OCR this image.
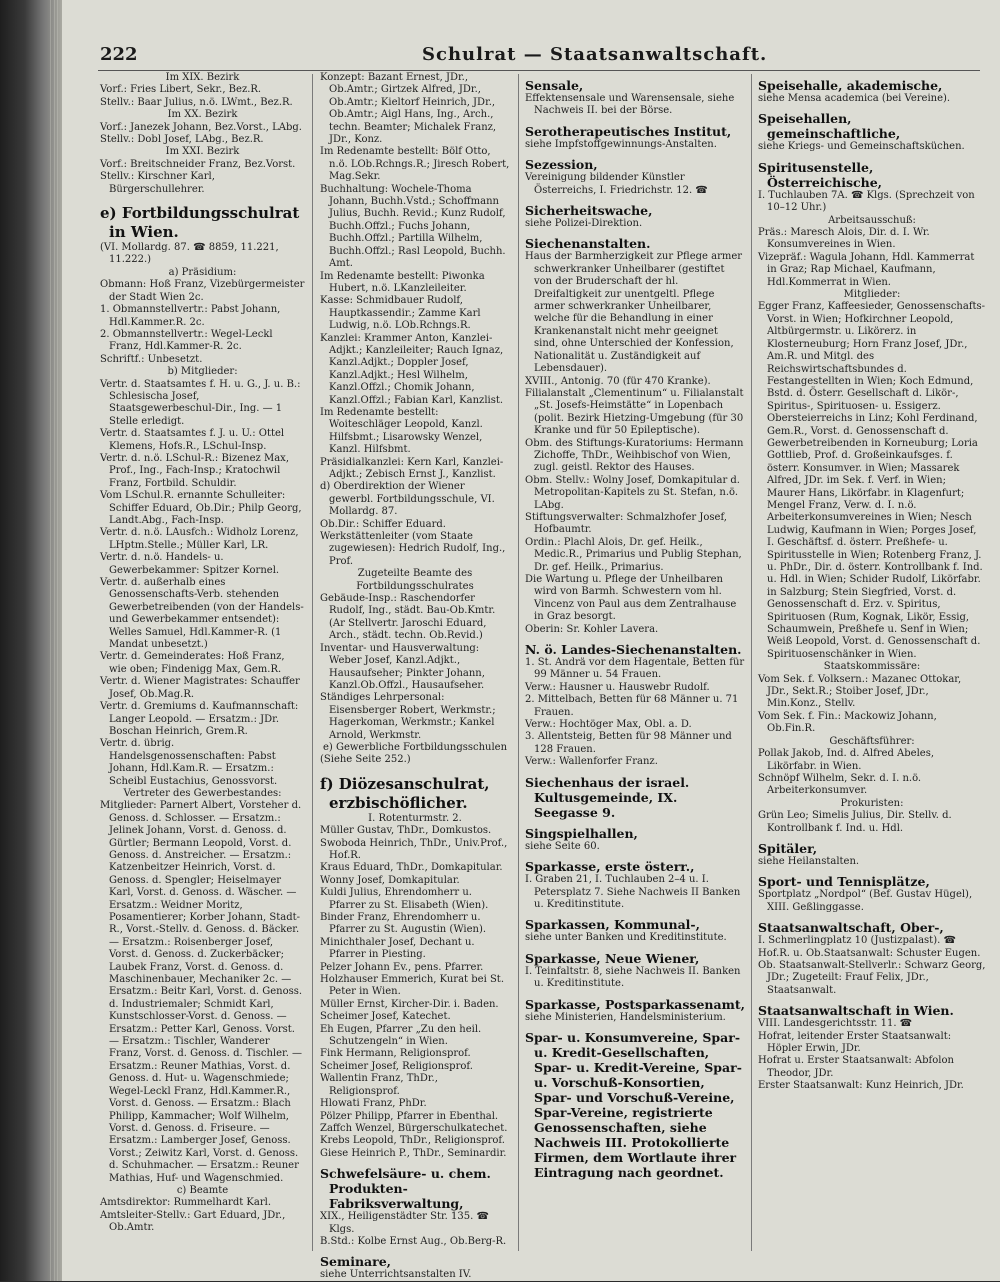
222	Schulrat — Staatsanwaltschaft.

Im XIX. Bezirk

Vorf.: Fries Libert, Sekr., Bez.R.

Stellv.: Baar Julius, n.ö. LWmt., Bez.R.

Im XX. Bezirk

Vorf.: Janezek Johann, Bez.Vorst., LAbg.

Stellv.: Dobl Josef, LAbg., Bez.R.

Im XXI. Bezirk

Vorf.: Breitschneider Franz, Bez.Vorst.

Stellv.: Kirschner Karl, Bürgerschullehrer.

e) Fortbildungsschulrat in Wien.

(VI. Mollardg. 87. ☎ 8859, 11.221, 11.222.)

a) Präsidium:

Obmann: Hoß Franz, Vizebürgermeister der Stadt Wien 2c.

1. Obmannstellvertr.: Pabst Johann, Hdl.Kammer.R. 2c.

2. Obmannstellvertr.: Wegel-Leckl Franz, Hdl.Kammer-R. 2c.

Schriftf.: Unbesetzt.

b) Mitglieder:

Vertr. d. Staatsamtes f. H. u. G., J. u. B.: Schlesischa Josef, Staatsgewerbeschul-Dir., Ing. — 1 Stelle erledigt.

Vertr. d. Staatsamtes f. J. u. U.: Ottel Klemens, Hofs.R., LSchul-Insp.

Vertr. d. n.ö. LSchul-R.: Bizenez Max, Prof., Ing., Fach-Insp.; Kratochwil Franz, Fortbild. Schuldir.

Vom LSchul.R. ernannte Schulleiter: Schiffer Eduard, Ob.Dir.; Philp Georg, Landt.Abg., Fach-Insp.

Vertr. d. n.ö. LAusfch.: Widholz Lorenz, LHptm.Stelle.; Müller Karl, LR.

Vertr. d. n.ö. Handels- u. Gewerbekammer: Spitzer Kornel.

Vertr. d. außerhalb eines Genossenschafts-Verb. stehenden Gewerbetreibenden (von der Handels- und Gewerbekammer entsendet): Welles Samuel, Hdl.Kammer-R. (1 Mandat unbesetzt.)

Vertr. d. Gemeinderates: Hoß Franz, wie oben; Findenigg Max, Gem.R.

Vertr. d. Wiener Magistrates: Schauffer Josef, Ob.Mag.R.

Vertr. d. Gremiums d. Kaufmannschaft: Langer Leopold. — Ersatzm.: JDr. Boschan Heinrich, Grem.R.

Vertr. d. übrig. Handelsgenossenschaften: Pabst Johann, Hdl.Kam.R. — Ersatzm.: Scheibl Eustachius, Genossvorst.

Vertreter des Gewerbestandes:

Mitglieder: Parnert Albert, Vorsteher d. Genoss. d. Schlosser. — Ersatzm.: Jelinek Johann, Vorst. d. Genoss. d. Gürtler; Bermann Leopold, Vorst. d. Genoss. d. Anstreicher. — Ersatzm.: Katzenbeitzer Heinrich, Vorst. d. Genoss. d. Spengler; Heiselmayer Karl, Vorst. d. Genoss. d. Wäscher. — Ersatzm.: Weidner Moritz, Posamentierer; Korber Johann, Stadt-R., Vorst.-Stellv. d. Genoss. d. Bäcker. — Ersatzm.: Roisenberger Josef, Vorst. d. Genoss. d. Zuckerbäcker; Laubek Franz, Vorst. d. Genoss. d. Maschinenbauer, Mechaniker 2c. — Ersatzm.: Beitr Karl, Vorst. d. Genoss. d. Industriemaler; Schmidt Karl, Kunstschlosser-Vorst. d. Genoss. — Ersatzm.: Petter Karl, Genoss. Vorst. — Ersatzm.: Tischler, Wanderer Franz, Vorst. d. Genoss. d. Tischler. — Ersatzm.: Reuner Mathias, Vorst. d. Genoss. d. Hut- u. Wagenschmiede; Wegel-Leckl Franz, Hdl.Kammer.R., Vorst. d. Genoss. — Ersatzm.: Blach Philipp, Kammacher; Wolf Wilhelm, Vorst. d. Genoss. d. Friseure. — Ersatzm.: Lamberger Josef, Genoss. Vorst.; Zeiwitz Karl, Vorst. d. Genoss. d. Schuhmacher. — Ersatzm.: Reuner Mathias, Huf- und Wagenschmied.

c) Beamte

Amtsdirektor: Rummelhardt Karl.

Amtsleiter-Stellv.: Gart Eduard, JDr., Ob.Amtr.

Konzept: Bazant Ernest, JDr., Ob.Amtr.; Girtzek Alfred, JDr., Ob.Amtr.; Kieltorf Heinrich, JDr., Ob.Amtr.; Aigl Hans, Ing., Arch., techn. Beamter; Michalek Franz, JDr., Konz.

Im Redenamte bestellt: Bölf Otto, n.ö. LOb.Rchngs.R.; Jiresch Robert, Mag.Sekr.

Buchhaltung: Wochele-Thoma Johann, Buchh.Vstd.; Schoffmann Julius, Buchh. Revid.; Kunz Rudolf, Buchh.Offzl.; Fuchs Johann, Buchh.Offzl.; Partilla Wilhelm, Buchh.Offzl.; Rasl Leopold, Buchh. Amt.

Im Redenamte bestellt: Piwonka Hubert, n.ö. LKanzleileiter.

Kasse: Schmidbauer Rudolf, Hauptkassendir.; Zamme Karl Ludwig, n.ö. LOb.Rchngs.R.

Kanzlei: Krammer Anton, Kanzlei-Adjkt.; Kanzleileiter; Rauch Ignaz, Kanzl.Adjkt.; Doppler Josef, Kanzl.Adjkt.; Hesl Wilhelm, Kanzl.Offzl.; Chomik Johann, Kanzl.Offzl.; Fabian Karl, Kanzlist.

Im Redenamte bestellt: Woiteschläger Leopold, Kanzl. Hilfsbmt.; Lisarowsky Wenzel, Kanzl. Hilfsbmt.

Präsidialkanzlei: Kern Karl, Kanzlei-Adjkt.; Zebisch Ernst J., Kanzlist.

d) Oberdirektion der Wiener gewerbl. Fortbildungsschule, VI. Mollardg. 87.

Ob.Dir.: Schiffer Eduard.

Werkstättenleiter (vom Staate zugewiesen): Hedrich Rudolf, Ing., Prof.

Zugeteilte Beamte des Fortbildungsschulrates

Gebäude-Insp.: Raschendorfer Rudolf, Ing., städt. Bau-Ob.Kmtr. (Ar Stellvertr. Jaroschi Eduard, Arch., städt. techn. Ob.Revid.)

Inventar- und Hausverwaltung: Weber Josef, Kanzl.Adjkt., Hausaufseher; Pinkter Johann, Kanzl.Ob.Offzl., Hausaufseher.

Ständiges Lehrpersonal: Eisensberger Robert, Werkmstr.; Hagerkoman, Werkmstr.; Kankel Arnold, Werkmstr.

e) Gewerbliche Fortbildungsschulen

(Siehe Seite 252.)

f) Diözesanschulrat, erzbischöflicher.

I. Rotenturmstr. 2.

Müller Gustav, ThDr., Domkustos.

Swoboda Heinrich, ThDr., Univ.Prof., Hof.R.

Kraus Eduard, ThDr., Domkapitular.

Wonny Josef, Domkapitular.

Kuldi Julius, Ehrendomherr u. Pfarrer zu St. Elisabeth (Wien).

Binder Franz, Ehrendomherr u. Pfarrer zu St. Augustin (Wien).

Minichthaler Josef, Dechant u. Pfarrer in Piesting.

Pelzer Johann Ev., pens. Pfarrer.

Holzhauser Emmerich, Kurat bei St. Peter in Wien.

Müller Ernst, Kircher-Dir. i. Baden.

Scheimer Josef, Katechet.

Eh Eugen, Pfarrer „Zu den heil. Schutzengeln“ in Wien.

Fink Hermann, Religionsprof.

Scheimer Josef, Religionsprof.

Wallentin Franz, ThDr., Religionsprof.

Hlowati Franz, PhDr.

Pölzer Philipp, Pfarrer in Ebenthal.

Zaffch Wenzel, Bürgerschulkatechet.

Krebs Leopold, ThDr., Religionsprof.

Giese Heinrich P., ThDr., Seminardir.

Schwefelsäure- u. chem. Produkten-Fabriksverwaltung,

XIX., Heiligenstädter Str. 135. ☎ Klgs.

B.Std.: Kolbe Ernst Aug., Ob.Berg-R.

Seminare,

siehe Unterrichtsanstalten IV.

Sensale,

Effektensensale und Warensensale, siehe Nachweis II. bei der Börse.

Serotherapeutisches Institut,

siehe Impfstoffgewinnungs-Anstalten.

Sezession,

Vereinigung bildender Künstler Österreichs, I. Friedrichstr. 12. ☎

Sicherheitswache,

siehe Polizei-Direktion.

Siechenanstalten.

Haus der Barmherzigkeit zur Pflege armer schwerkranker Unheilbarer (gestiftet von der Bruderschaft der hl. Dreifaltigkeit zur unentgeltl. Pflege armer schwerkranker Unheilbarer, welche für die Behandlung in einer Krankenanstalt nicht mehr geeignet sind, ohne Unterschied der Konfession, Nationalität u. Zuständigkeit auf Lebensdauer).

XVIII., Antonig. 70 (für 470 Kranke).

Filialanstalt „Clementinum“ u. Filialanstalt „St. Josefs-Heimstätte“ in Lopenbach (polit. Bezirk Hietzing-Umgebung (für 30 Kranke und für 50 Epileptische).

Obm. des Stiftungs-Kuratoriums: Hermann Zichoffe, ThDr., Weihbischof von Wien, zugl. geistl. Rektor des Hauses.

Obm. Stellv.: Wolny Josef, Domkapitular d. Metropolitan-Kapitels zu St. Stefan, n.ö. LAbg.

Stiftungsverwalter: Schmalzhofer Josef, Hofbaumtr.

Ordin.: Plachl Alois, Dr. gef. Heilk., Medic.R., Primarius und Publig Stephan, Dr. gef. Heilk., Primarius.

Die Wartung u. Pflege der Unheilbaren wird von Barmh. Schwestern vom hl. Vincenz von Paul aus dem Zentralhause in Graz besorgt.

Oberin: Sr. Kohler Lavera.

N. ö. Landes-Siechenanstalten.

1. St. Andrä vor dem Hagentale, Betten für 99 Männer u. 54 Frauen.

Verw.: Hausner u. Hauswebr Rudolf.

2. Mittelbach, Betten für 68 Männer u. 71 Frauen.

Verw.: Hochtöger Max, Obl. a. D.

3. Allentsteig, Betten für 98 Männer und 128 Frauen.

Verw.: Wallenforfer Franz.

Siechenhaus der israel. Kultusgemeinde, IX. Seegasse 9.

Singspielhallen,

siehe Seite 60.

Sparkasse, erste österr.,

I. Graben 21, I. Tuchlauben 2–4 u. I. Petersplatz 7. Siehe Nachweis II Banken u. Kreditinstitute.

Sparkassen, Kommunal-,

siehe unter Banken und Kreditinstitute.

Sparkasse, Neue Wiener,

I. Teinfaltstr. 8, siehe Nachweis II. Banken u. Kreditinstitute.

Sparkasse, Postsparkassenamt,

siehe Ministerien, Handelsministerium.

Spar- u. Konsumvereine, Spar- u. Kredit-Gesellschaften, Spar- u. Kredit-Vereine, Spar- u. Vorschuß-Konsortien, Spar- und Vorschuß-Vereine, Spar-Vereine, registrierte Genossenschaften, siehe Nachweis III. Protokollierte Firmen, dem Wortlaute ihrer Eintragung nach geordnet.

Speisehalle, akademische,

siehe Mensa academica (bei Vereine).

Speisehallen, gemeinschaftliche,

siehe Kriegs- und Gemeinschaftsküchen.

Spiritusenstelle, Österreichische,

I. Tuchlauben 7A. ☎ Klgs. (Sprechzeit von 10–12 Uhr.)

Arbeitsausschuß:

Präs.: Maresch Alois, Dir. d. I. Wr. Konsumvereines in Wien.

Vizepräf.: Wagula Johann, Hdl. Kammerrat in Graz; Rap Michael, Kaufmann, Hdl.Kommerrat in Wien.

Mitglieder:

Egger Franz, Kaffeesieder, Genossenschafts-Vorst. in Wien; Hofkirchner Leopold, Altbürgermstr. u. Likörerz. in Klosterneuburg; Horn Franz Josef, JDr., Am.R. und Mitgl. des Reichswirtschaftsbundes d. Festangestellten in Wien; Koch Edmund, Bstd. d. Österr. Gesellschaft d. Likör-, Spiritus-, Spirituosen- u. Essigerz. Obersteierreichs in Linz; Kohl Ferdinand, Gem.R., Vorst. d. Genossenschaft d. Gewerbetreibenden in Korneuburg; Loria Gottlieb, Prof. d. Großeinkaufsges. f. österr. Konsumver. in Wien; Massarek Alfred, JDr. im Sek. f. Verf. in Wien; Maurer Hans, Likörfabr. in Klagenfurt; Mengel Franz, Verw. d. I. n.ö. Arbeiterkonsumvereines in Wien; Nesch Ludwig, Kaufmann in Wien; Porges Josef, I. Geschäftsf. d. österr. Preßhefe- u. Spiritusstelle in Wien; Rotenberg Franz, J. u. PhDr., Dir. d. österr. Kontrollbank f. Ind. u. Hdl. in Wien; Schider Rudolf, Likörfabr. in Salzburg; Stein Siegfried, Vorst. d. Genossenschaft d. Erz. v. Spiritus, Spirituosen (Rum, Kognak, Likör, Essig, Schaumwein, Preßhefe u. Senf in Wien; Weiß Leopold, Vorst. d. Genossenschaft d. Spirituosenschänker in Wien.

Staatskommissäre:

Vom Sek. f. Volksern.: Mazanec Ottokar, JDr., Sekt.R.; Stoiber Josef, JDr., Min.Konz., Stellv.

Vom Sek. f. Fin.: Mackowiz Johann, Ob.Fin.R.

Geschäftsführer:

Pollak Jakob, Ind. d. Alfred Abeles, Likörfabr. in Wien.

Schnöpf Wilhelm, Sekr. d. I. n.ö. Arbeiterkonsumver.

Prokuristen:

Grün Leo; Simelis Julius, Dir. Stellv. d. Kontrollbank f. Ind. u. Hdl.

Spitäler,

siehe Heilanstalten.

Sport- und Tennisplätze,

Sportplatz „Nordpol“ (Bef. Gustav Hügel), XIII. Geßlinggasse.

Staatsanwaltschaft, Ober-,

I. Schmerlingplatz 10 (Justizpalast). ☎

Hof.R. u. Ob.Staatsanwalt: Schuster Eugen.

Ob. Staatsanwalt-Stellverlr.: Schwarz Georg, JDr.; Zugeteilt: Frauf Felix, JDr., Staatsanwalt.

Staatsanwaltschaft in Wien.

VIII. Landesgerichtsstr. 11. ☎

Hofrat, leitender Erster Staatsanwalt: Höpler Erwin, JDr.

Hofrat u. Erster Staatsanwalt: Abfolon Theodor, JDr.

Erster Staatsanwalt: Kunz Heinrich, JDr.
